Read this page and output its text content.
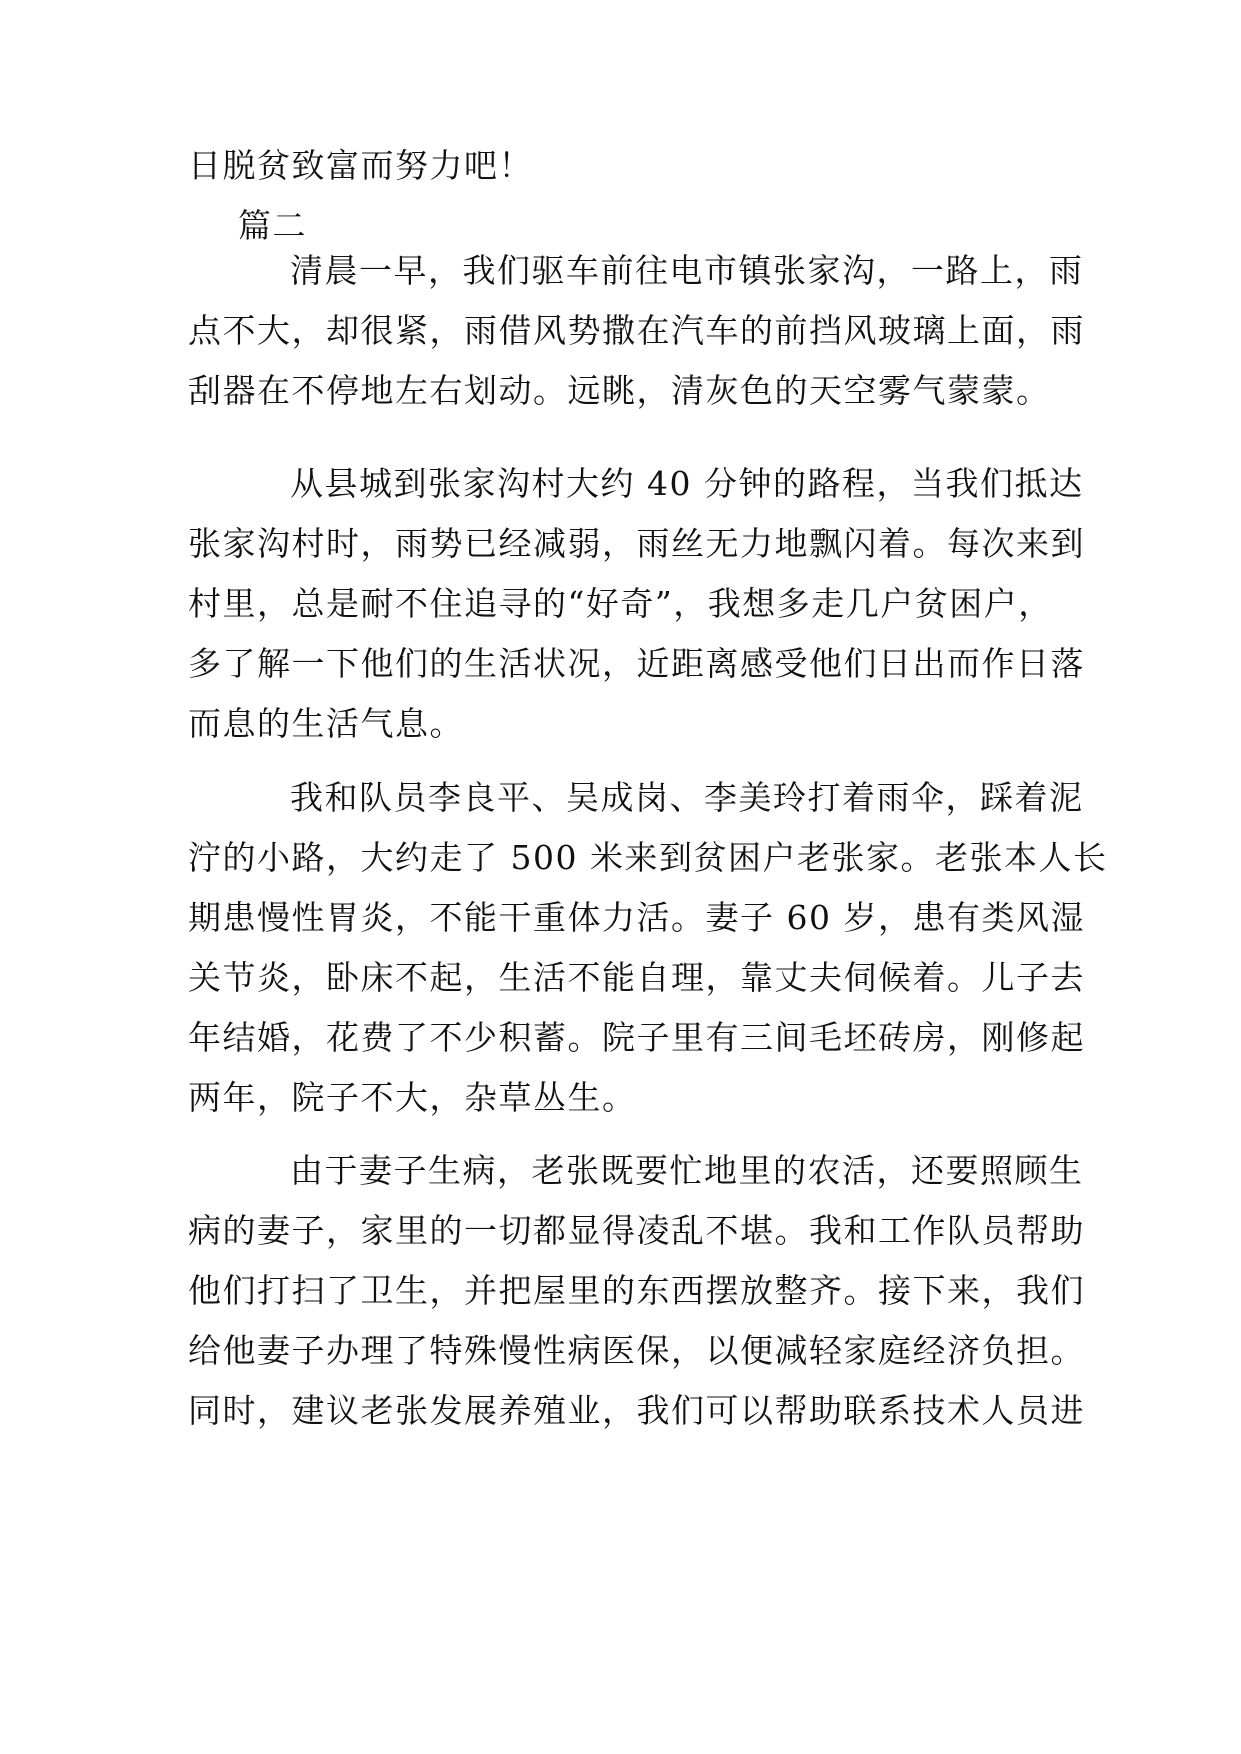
日脱贫致富而努力吧！
篇二
清晨一早，我们驱车前往电市镇张家沟，一路上，雨
点不大，却很紧，雨借风势撒在汽车的前挡风玻璃上面，雨
刮器在不停地左右划动。远眺，清灰色的天空雾气蒙蒙。
从县城到张家沟村大约 40 分钟的路程，当我们抵达
张家沟村时，雨势已经减弱，雨丝无力地飘闪着。每次来到
村里，总是耐不住追寻的“好奇”，我想多走几户贫困户，
多了解一下他们的生活状况，近距离感受他们日出而作日落
而息的生活气息。
我和队员李良平、吴成岗、李美玲打着雨伞，踩着泥
泞的小路，大约走了 500 米来到贫困户老张家。老张本人长
期患慢性胃炎，不能干重体力活。妻子 60 岁，患有类风湿
关节炎，卧床不起，生活不能自理，靠丈夫伺候着。儿子去
年结婚，花费了不少积蓄。院子里有三间毛坯砖房，刚修起
两年，院子不大，杂草丛生。
由于妻子生病，老张既要忙地里的农活，还要照顾生
病的妻子，家里的一切都显得凌乱不堪。我和工作队员帮助
他们打扫了卫生，并把屋里的东西摆放整齐。接下来，我们
给他妻子办理了特殊慢性病医保，以便减轻家庭经济负担。
同时，建议老张发展养殖业，我们可以帮助联系技术人员进
